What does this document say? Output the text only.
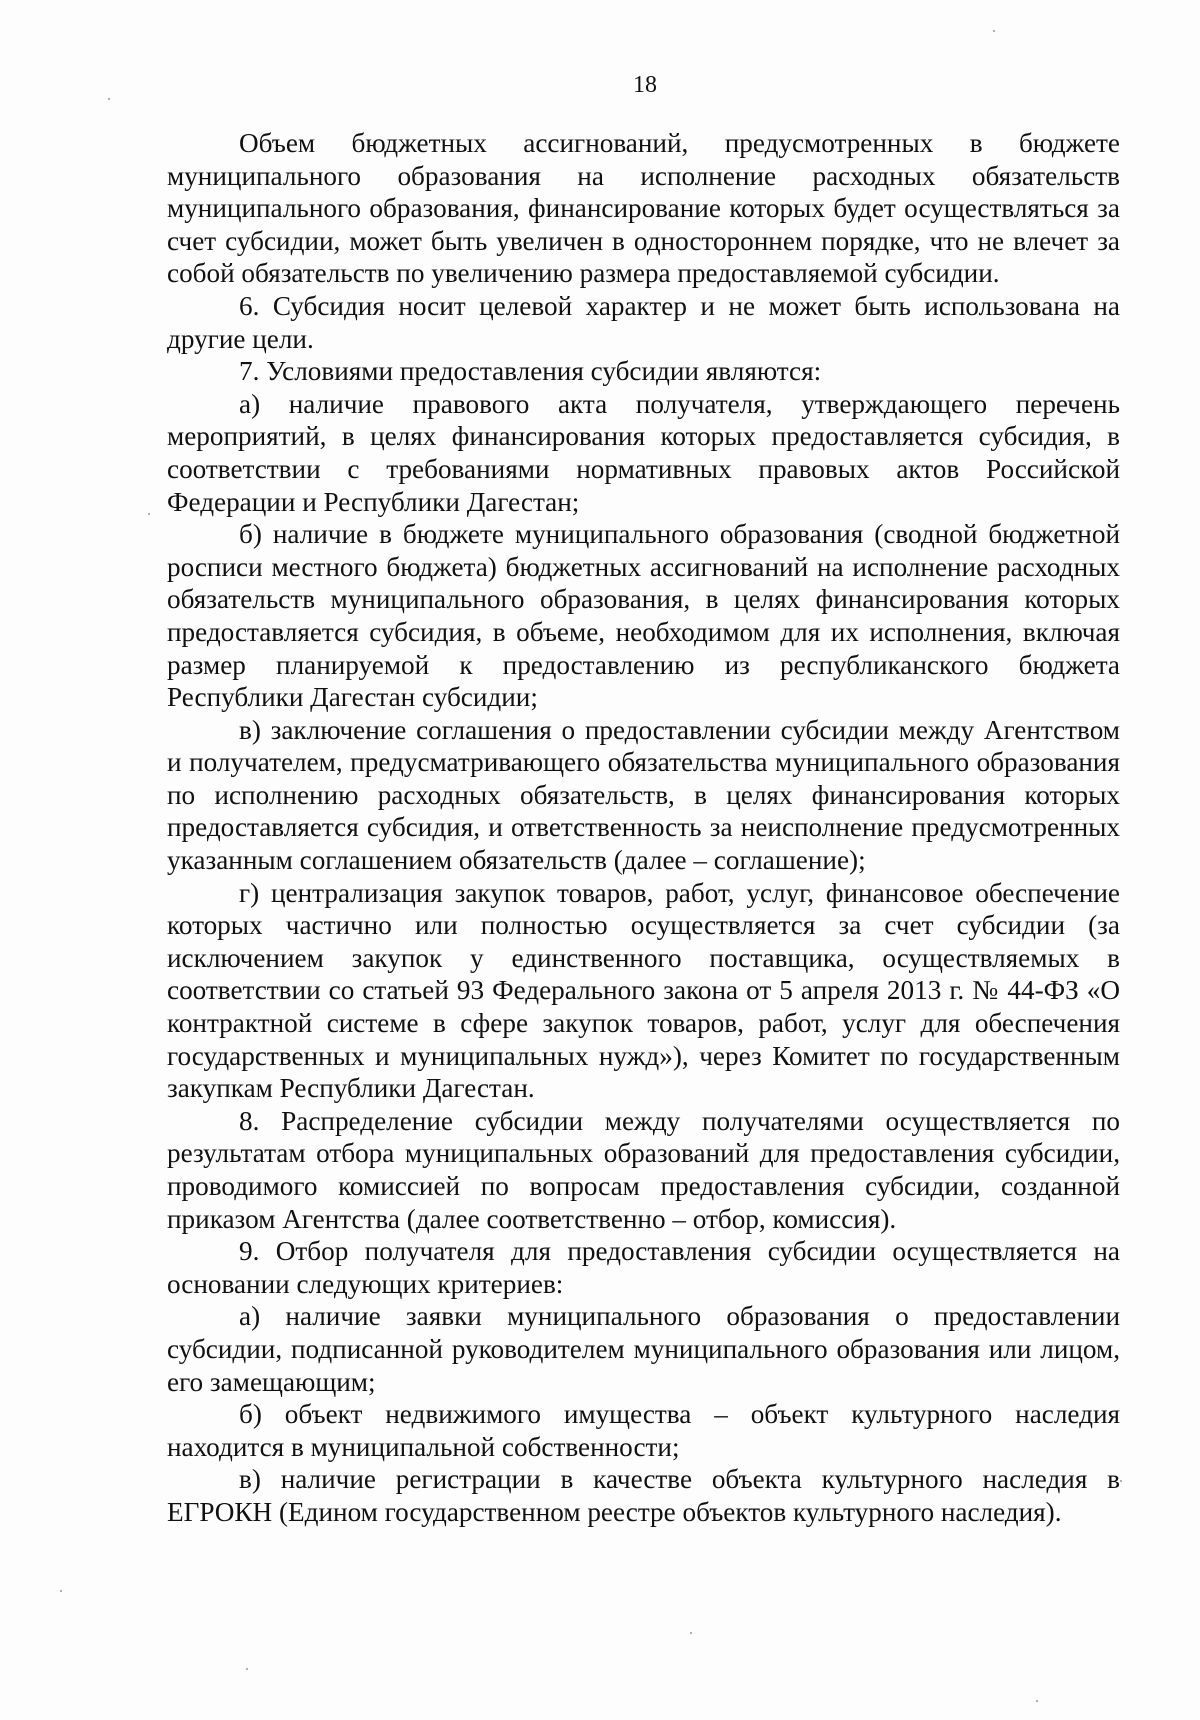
18

Объем бюджетных ассигнований, предусмотренных в бюджете муниципального образования на исполнение расходных обязательств муниципального образования, финансирование которых будет осуществляться за счет субсидии, может быть увеличен в одностороннем порядке, что не влечет за собой обязательств по увеличению размера предоставляемой субсидии.

6. Субсидия носит целевой характер и не может быть использована на другие цели.

7. Условиями предоставления субсидии являются:

а) наличие правового акта получателя, утверждающего перечень мероприятий, в целях финансирования которых предоставляется субсидия, в соответствии с требованиями нормативных правовых актов Российской Федерации и Республики Дагестан;

б) наличие в бюджете муниципального образования (сводной бюджетной росписи местного бюджета) бюджетных ассигнований на исполнение расходных обязательств муниципального образования, в целях финансирования которых предоставляется субсидия, в объеме, необходимом для их исполнения, включая размер планируемой к предоставлению из республиканского бюджета Республики Дагестан субсидии;

в) заключение соглашения о предоставлении субсидии между Агентством и получателем, предусматривающего обязательства муниципального образования по исполнению расходных обязательств, в целях финансирования которых предоставляется субсидия, и ответственность за неисполнение предусмотренных указанным соглашением обязательств (далее – соглашение);

г) централизация закупок товаров, работ, услуг, финансовое обеспечение которых частично или полностью осуществляется за счет субсидии (за исключением закупок у единственного поставщика, осуществляемых в соответствии со статьей 93 Федерального закона от 5 апреля 2013 г. № 44-ФЗ «О контрактной системе в сфере закупок товаров, работ, услуг для обеспечения государственных и муниципальных нужд»), через Комитет по государственным закупкам Республики Дагестан.

8. Распределение субсидии между получателями осуществляется по результатам отбора муниципальных образований для предоставления субсидии, проводимого комиссией по вопросам предоставления субсидии, созданной приказом Агентства (далее соответственно – отбор, комиссия).

9. Отбор получателя для предоставления субсидии осуществляется на основании следующих критериев:

а) наличие заявки муниципального образования о предоставлении субсидии, подписанной руководителем муниципального образования или лицом, его замещающим;

б) объект недвижимого имущества – объект культурного наследия находится в муниципальной собственности;

в) наличие регистрации в качестве объекта культурного наследия в ЕГРОКН (Едином государственном реестре объектов культурного наследия).
